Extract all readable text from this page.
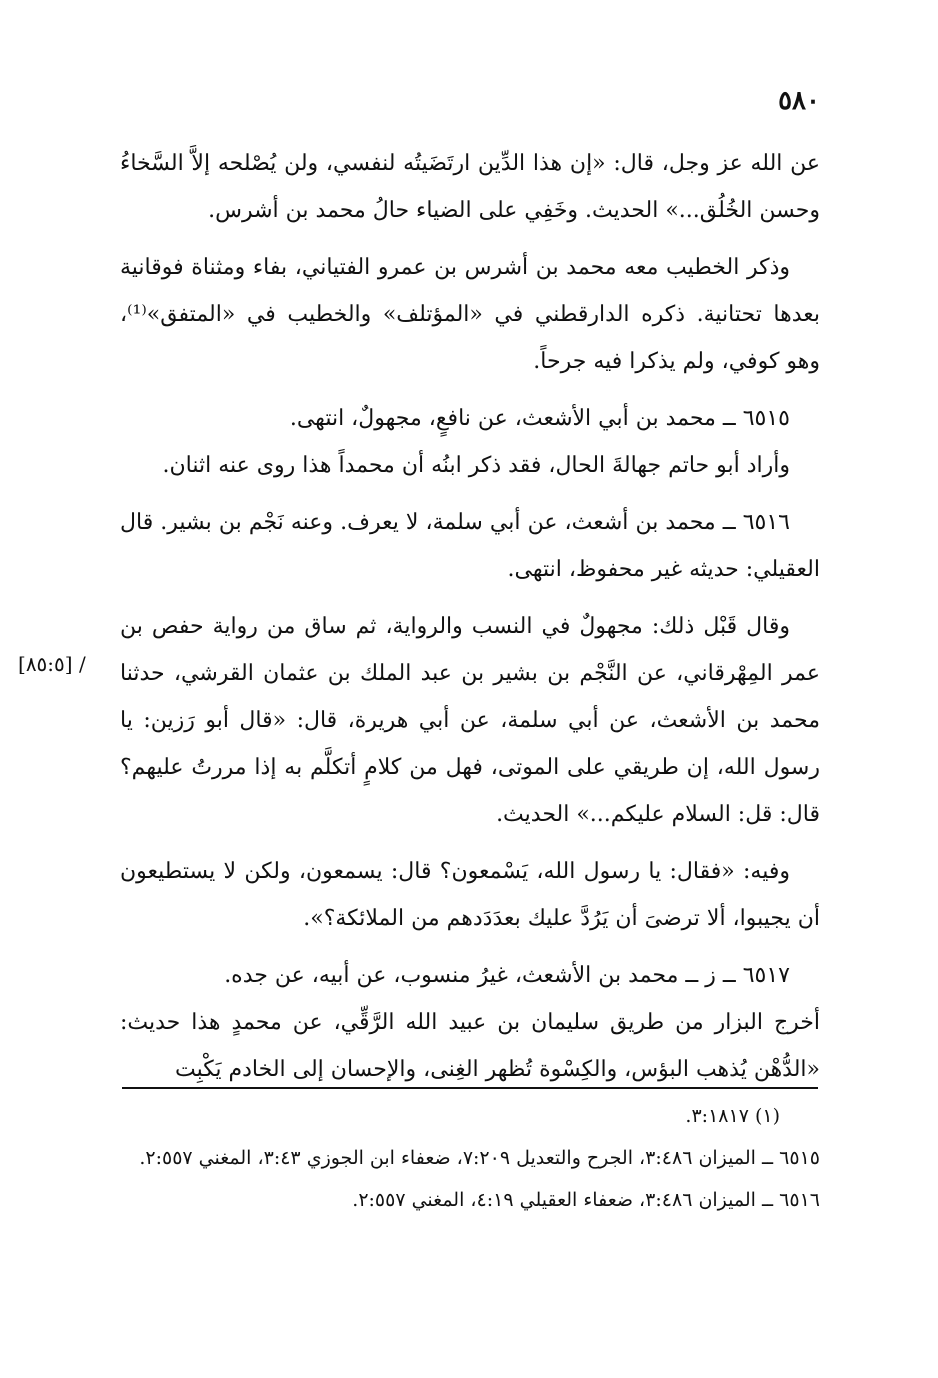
٥٨٠
[٨٥:٥] /

عن الله عز وجل، قال: «إن هذا الدِّين ارتَضَيتُه لنفسي، ولن يُصْلحه إلاَّ السَّخاءُ وحسن الخُلُق...» الحديث. وخَفِي على الضياء حالُ محمد بن أشرس.

وذكر الخطيب معه محمد بن أشرس بن عمرو الفتياني، بفاء ومثناة فوقانية بعدها تحتانية. ذكره الدارقطني في «المؤتلف» والخطيب في «المتفق»⁽¹⁾، وهو كوفي، ولم يذكرا فيه جرحاً.

٦٥١٥ ــ محمد بن أبي الأشعث، عن نافعٍ، مجهولٌ، انتهى.

وأراد أبو حاتم جهالةَ الحال، فقد ذكر ابنُه أن محمداً هذا روى عنه اثنان.

٦٥١٦ ــ محمد بن أشعث، عن أبي سلمة، لا يعرف. وعنه نَجْم بن بشير. قال العقيلي: حديثه غير محفوظ، انتهى.

وقال قَبْل ذلك: مجهولٌ في النسب والرواية، ثم ساق من رواية حفص بن عمر المِهْرقاني، عن النَّجْم بن بشير بن عبد الملك بن عثمان القرشي، حدثنا محمد بن الأشعث، عن أبي سلمة، عن أبي هريرة، قال: «قال أبو رَزين: يا رسول الله، إن طريقي على الموتى، فهل من كلامٍ أتكلَّم به إذا مررتُ عليهم؟ قال: قل: السلام عليكم...» الحديث.

وفيه: «فقال: يا رسول الله، يَسْمعون؟ قال: يسمعون، ولكن لا يستطيعون أن يجيبوا، ألا ترضىَ أن يَرُدَّ عليك بعدَدَدهم من الملائكة؟».

٦٥١٧ ــ ز ــ محمد بن الأشعث، غيرُ منسوب، عن أبيه، عن جده.

أخرج البزار من طريق سليمان بن عبيد الله الرَّقِّي، عن محمدٍ هذا حديث: «الدُّهْن يُذهب البؤس، والكِسْوة تُظهر الغِنى، والإحسان إلى الخادم يَكْبِت

(١) ٣:١٨١٧.

٦٥١٥ ــ الميزان ٣:٤٨٦، الجرح والتعديل ٧:٢٠٩، ضعفاء ابن الجوزي ٣:٤٣، المغني ٢:٥٥٧.

٦٥١٦ ــ الميزان ٣:٤٨٦، ضعفاء العقيلي ٤:١٩، المغني ٢:٥٥٧.
